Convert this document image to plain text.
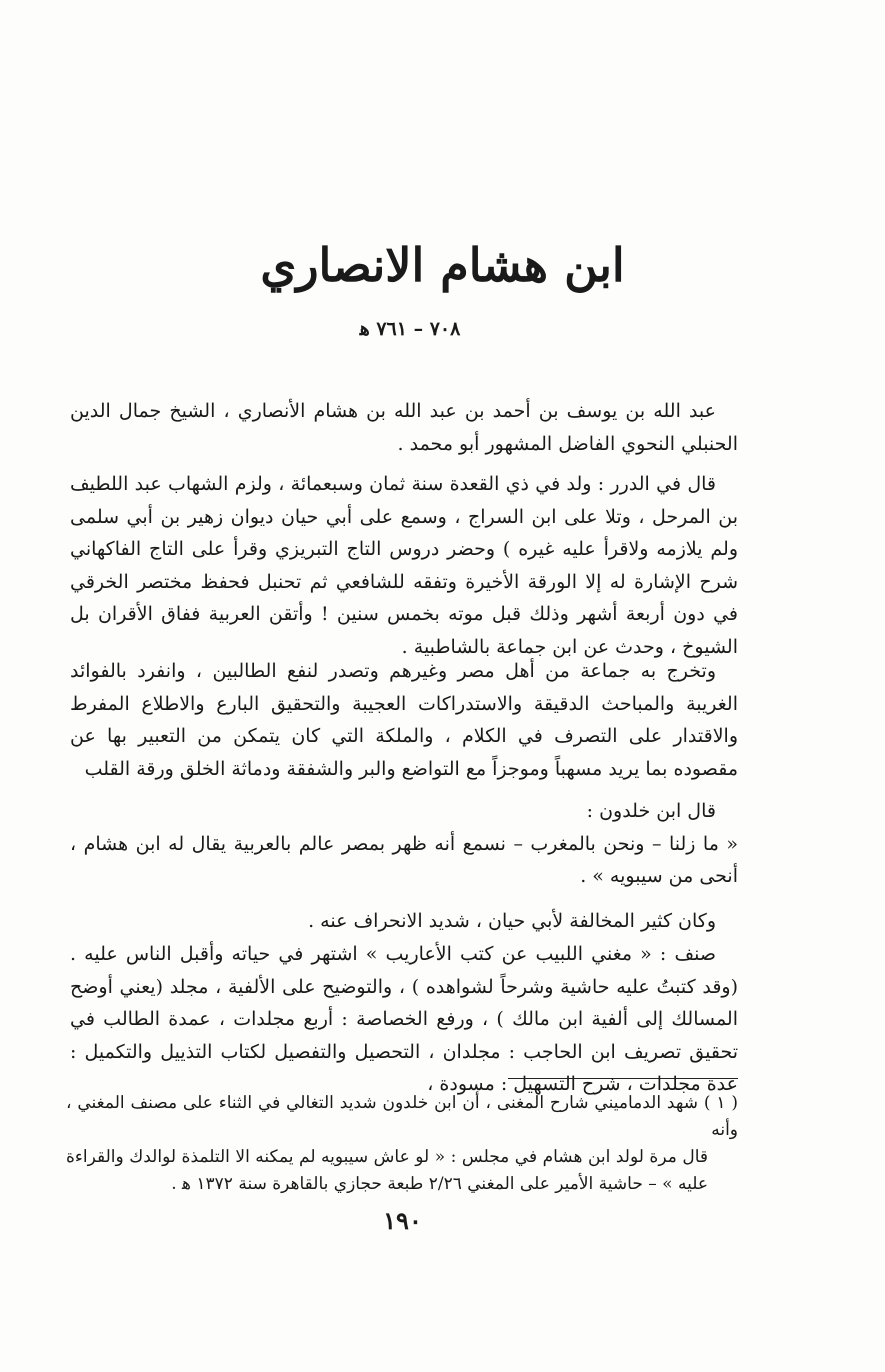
ابن هشام الانصاري
٧٠٨ – ٧٦١ ﻫ

عبد الله بن يوسف بن أحمد بن عبد الله بن هشام الأنصاري ، الشيخ جمال الدين الحنبلي النحوي الفاضل المشهور أبو محمد .

قال في الدرر : ولد في ذي القعدة سنة ثمان وسبعمائة ، ولزم الشهاب عبد اللطيف بن المرحل ، وتلا على ابن السراج ، وسمع على أبي حيان ديوان زهير بن أبي سلمى ولم يلازمه ولاقرأ عليه غيره ) وحضر دروس التاج التبريزي وقرأ على التاج الفاكهاني شرح الإشارة له إلا الورقة الأخيرة وتفقه للشافعي ثم تحنبل فحفظ مختصر الخرقي في دون أربعة أشهر وذلك قبل موته بخمس سنين ! وأتقن العربية ففاق الأقران بل الشيوخ ، وحدث عن ابن جماعة بالشاطبية .

وتخرج به جماعة من أهل مصر وغيرهم وتصدر لنفع الطالبين ، وانفرد بالفوائد الغريبة والمباحث الدقيقة والاستدراكات العجيبة والتحقيق البارع والاطلاع المفرط والاقتدار على التصرف في الكلام ، والملكة التي كان يتمكن من التعبير بها عن مقصوده بما يريد مسهباً وموجزاً مع التواضع والبر والشفقة ودماثة الخلق ورقة القلب

قال ابن خلدون :

« ما زلنا – ونحن بالمغرب – نسمع أنه ظهر بمصر عالم بالعربية يقال له ابن هشام ، أنحى من سيبويه » .

وكان كثير المخالفة لأبي حيان ، شديد الانحراف عنه .

صنف : « مغني اللبيب عن كتب الأعاريب » اشتهر في حياته وأقبل الناس عليه . (وقد كتبتُ عليه حاشية وشرحاً لشواهده ) ، والتوضيح على الألفية ، مجلد (يعني أوضح المسالك إلى ألفية ابن مالك ) ، ورفع الخصاصة : أربع مجلدات ، عمدة الطالب في تحقيق تصريف ابن الحاجب : مجلدان ، التحصيل والتفصيل لكتاب التذييل والتكميل : عدة مجلدات ، شرح التسهيل : مسودة ،

( ١ ) شهد الدماميني شارح المغنى ، أن ابن خلدون شديد التغالي في الثناء على مصنف المغني ، وأنه

قال مرة لولد ابن هشام في مجلس : « لو عاش سيبويه لم يمكنه الا التلمذة لوالدك والقراءة عليه » – حاشية الأمير على المغني ٢/٢٦ طبعة حجازي بالقاهرة سنة ١٣٧٢ ﻫ .

١٩٠
